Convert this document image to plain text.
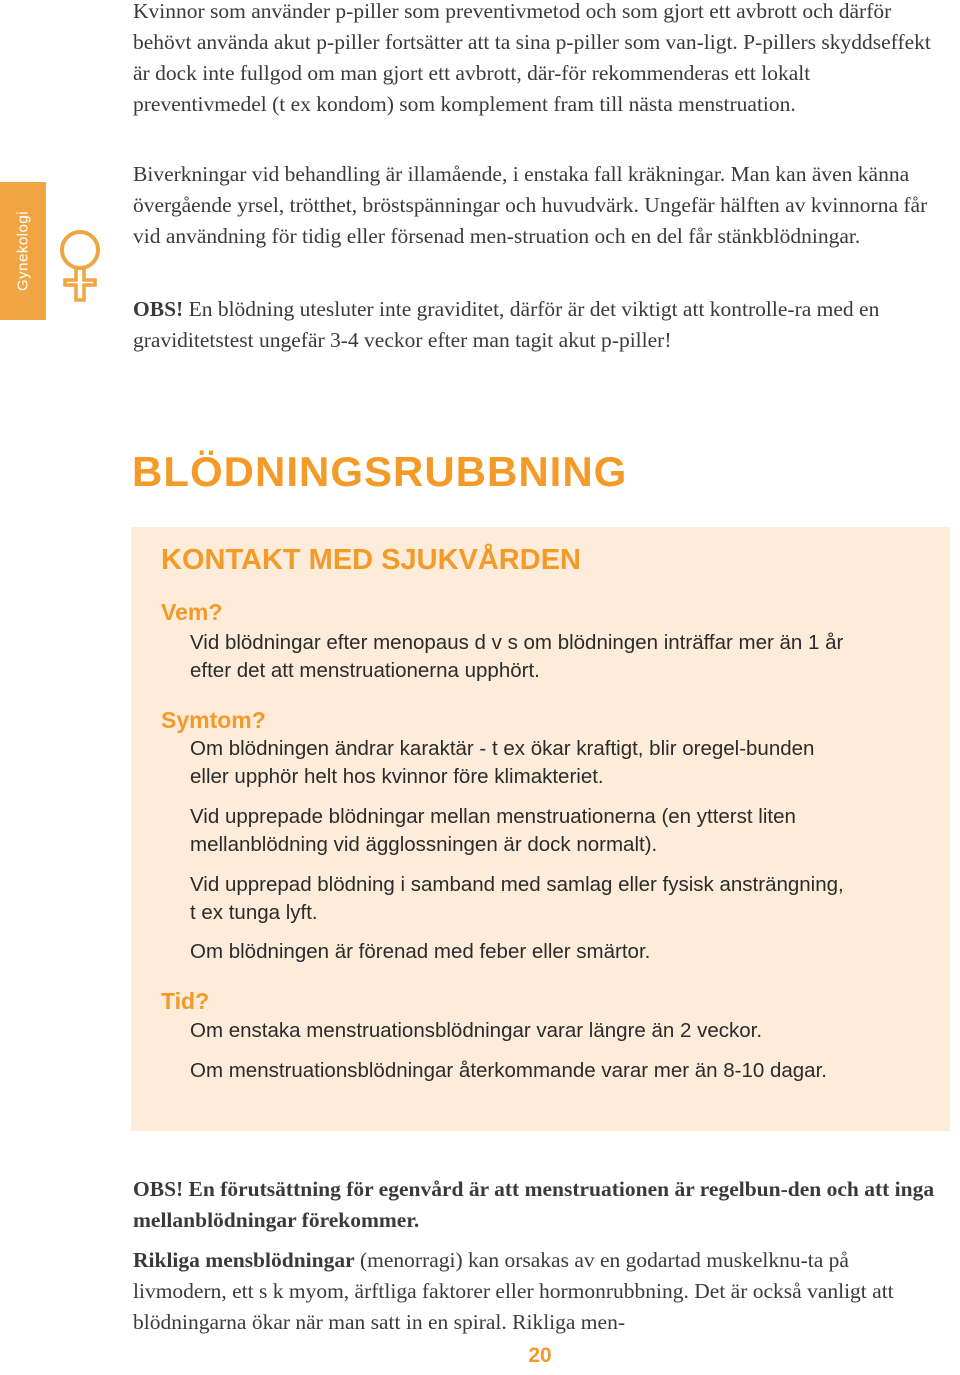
Gynekologi

Kvinnor som använder p-piller som preventivmetod och som gjort ett avbrott och därför behövt använda akut p-piller fortsätter att ta sina p-piller som van-ligt. P-pillers skyddseffekt är dock inte fullgod om man gjort ett avbrott, där-för rekommenderas ett lokalt preventivmedel (t ex kondom) som komplement fram till nästa menstruation.

Biverkningar vid behandling är illamående, i enstaka fall kräkningar. Man kan även känna övergående yrsel, trötthet, bröstspänningar och huvudvärk. Ungefär hälften av kvinnorna får vid användning för tidig eller försenad men-struation och en del får stänkblödningar.

OBS! En blödning utesluter inte graviditet, därför är det viktigt att kontrolle-ra med en graviditetstest ungefär 3-4 veckor efter man tagit akut p-piller!

BLÖDNINGSRUBBNING
KONTAKT MED SJUKVÅRDEN
Vem?

Vid blödningar efter menopaus d v s om blödningen inträffar mer än 1 år efter det att menstruationerna upphört.

Symtom?

Om blödningen ändrar karaktär - t ex ökar kraftigt, blir oregel-bunden eller upphör helt hos kvinnor före klimakteriet.

Vid upprepade blödningar mellan menstruationerna (en ytterst liten mellanblödning vid ägglossningen är dock normalt).

Vid upprepad blödning i samband med samlag eller fysisk ansträngning, t ex tunga lyft.

Om blödningen är förenad med feber eller smärtor.

Tid?

Om enstaka menstruationsblödningar varar längre än 2 veckor.

Om menstruationsblödningar återkommande varar mer än 8-10 dagar.

OBS! En förutsättning för egenvård är att menstruationen är regelbun-den och att inga mellanblödningar förekommer.

Rikliga mensblödningar (menorragi) kan orsakas av en godartad muskelknu-ta på livmodern, ett s k myom, ärftliga faktorer eller hormonrubbning. Det är också vanligt att blödningarna ökar när man satt in en spiral. Rikliga men-

20
